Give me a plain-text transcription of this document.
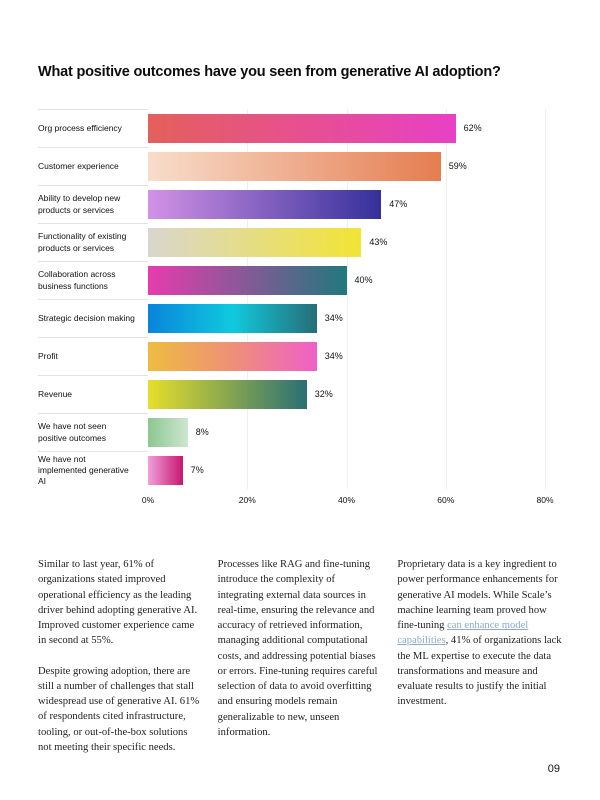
What positive outcomes have you seen from generative AI adoption?
Org process efficiency	62%
Customer experience	59%
Ability to develop new products or services
47%
Functionality of existing products or services
43%
Collaboration across business functions
40%
Strategic decision making	34%
Profit	34%
Revenue	32%
We have not seen positive outcomes
8%
We have not implemented generative AI
7%
0%	20%	40%	60%	80%

Similar to last year, 61% of organizations stated improved operational efficiency as the leading driver behind adopting generative AI. Improved customer experience came in second at 55%.

Despite growing adoption, there are still a number of challenges that stall widespread use of generative AI. 61% of respondents cited infrastructure, tooling, or out-of-the-box solutions not meeting their specific needs.

Processes like RAG and fine-tuning introduce the complexity of integrating external data sources in real-time, ensuring the relevance and accuracy of retrieved information, managing additional computational costs, and addressing potential biases or errors. Fine-tuning requires careful selection of data to avoid overfitting and ensuring models remain generalizable to new, unseen information.

Proprietary data is a key ingredient to power performance enhancements for generative AI models. While Scale’s machine learning team proved how fine-tuning can enhance model capabilities, 41% of organizations lack the ML expertise to execute the data transformations and measure and evaluate results to justify the initial investment.

09
